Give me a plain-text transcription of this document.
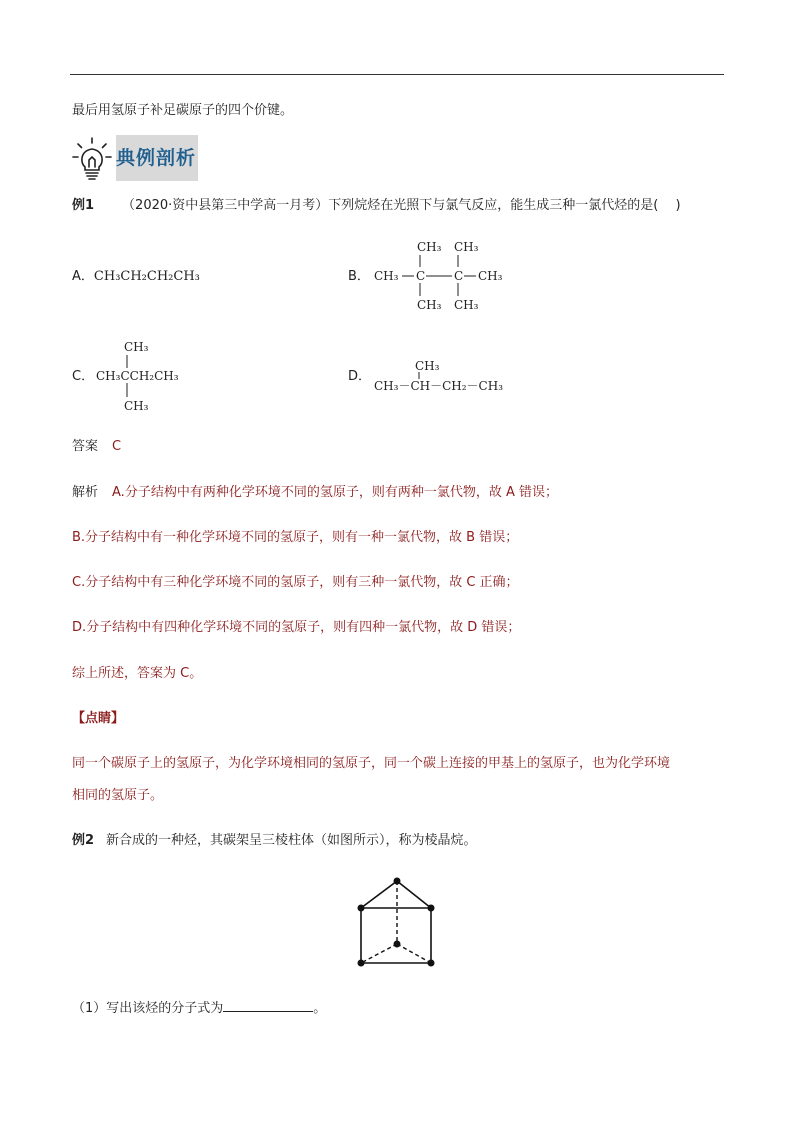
最后用氢原子补足碳原子的四个价键。
典例剖析
例1 （2020·资中县第三中学高一月考）下列烷烃在光照下与氯气反应，能生成三种一氯代烃的是(　 )
A．CH₃CH₂CH₂CH₃	B．
CH₃ CH₃
CH₃ C C CH₃
CH₃ CH₃
C．
CH₃
CH₃CCH₂CH₃
CH₃
D．
CH₃
CH₃－CH－CH₂－CH₃
答案 C
解析 A.分子结构中有两种化学环境不同的氢原子，则有两种一氯代物，故 A 错误；
B.分子结构中有一种化学环境不同的氢原子，则有一种一氯代物，故 B 错误；
C.分子结构中有三种化学环境不同的氢原子，则有三种一氯代物，故 C 正确；
D.分子结构中有四种化学环境不同的氢原子，则有四种一氯代物，故 D 错误；
综上所述，答案为 C。
【点睛】
同一个碳原子上的氢原子，为化学环境相同的氢原子，同一个碳上连接的甲基上的氢原子，也为化学环境
相同的氢原子。
例2 新合成的一种烃，其碳架呈三棱柱体（如图所示），称为棱晶烷。
（1）写出该烃的分子式为	。
